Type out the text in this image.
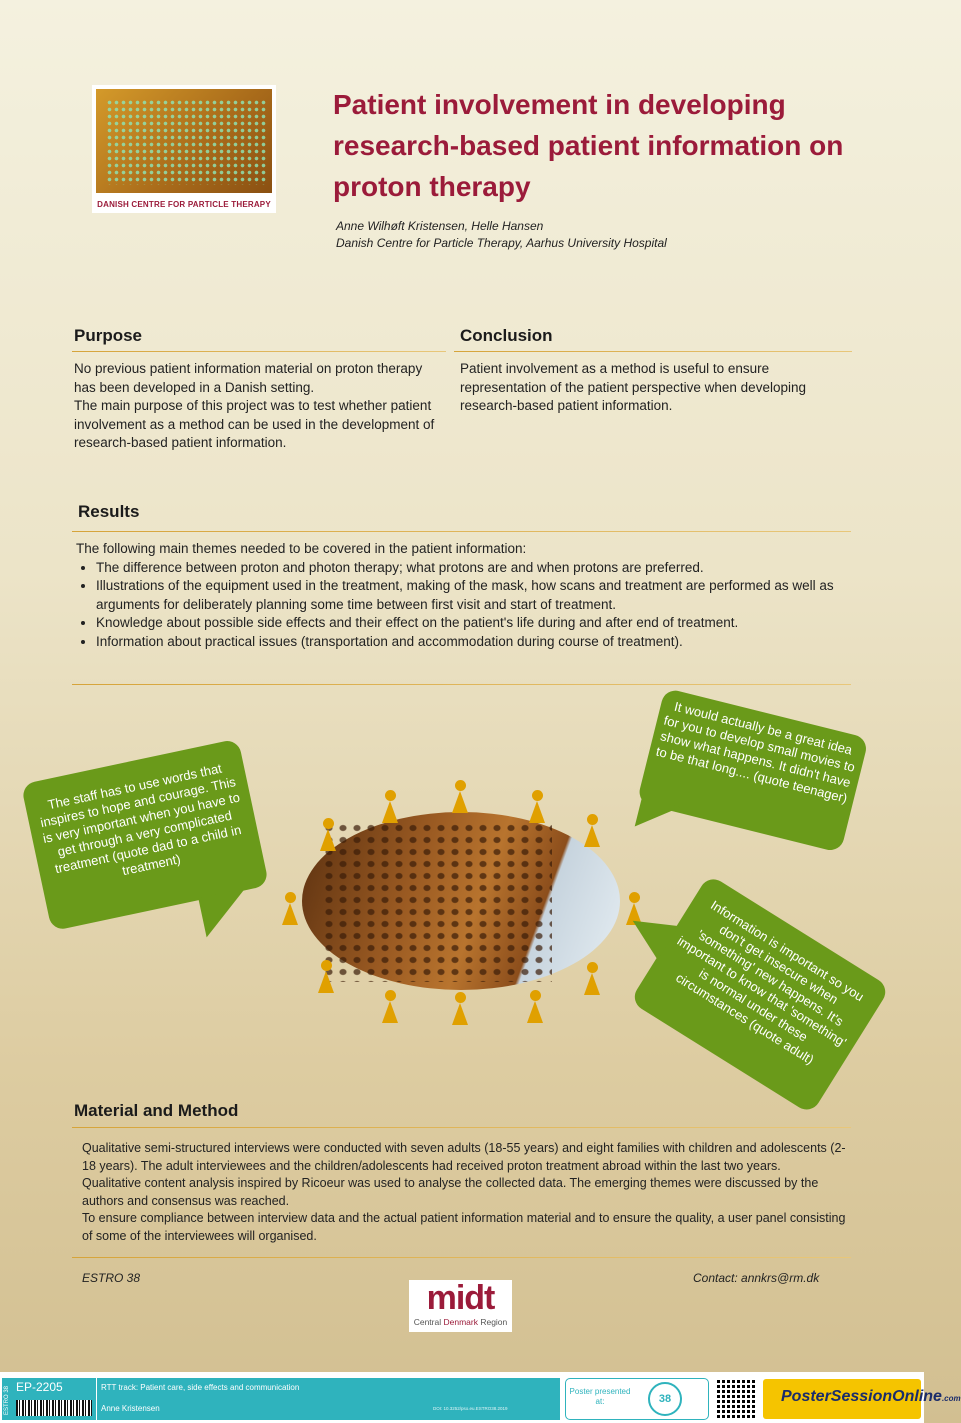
DANISH CENTRE FOR PARTICLE THERAPY
Patient involvement in developing research-based patient information on proton therapy
Anne Wilhøft Kristensen, Helle Hansen
Danish Centre for Particle Therapy, Aarhus University Hospital
Purpose
No previous patient information material on proton therapy has been developed in a Danish setting.
The main purpose of this project was to test whether patient involvement as a method can be used in the development of research-based patient information.
Conclusion
Patient involvement as a method is useful to ensure representation of the patient perspective when developing research-based patient information.
Results
The following main themes needed to be covered in the patient information:
• The difference between proton and photon therapy; what protons are and when protons are preferred.
• Illustrations of the equipment used in the treatment, making of the mask, how scans and treatment are performed as well as arguments for deliberately planning some time between first visit and start of treatment.
• Knowledge about possible side effects and their effect on the patient's life during and after end of treatment.
• Information about practical issues (transportation and accommodation during course of treatment).
The staff has to use words that inspires to hope and courage. This is very important when you have to get through a very complicated treatment (quote dad to a child in treatment)
It would actually be a great idea for you to develop small movies to show what happens. It didn't have to be that long.... (quote teenager)
Information is important so you don't get insecure when 'something' new happens. It's important to know that 'something' is normal under these circumstances (quote adult)
Material and Method
Qualitative semi-structured interviews were conducted with seven adults (18-55 years) and eight families with children and adolescents (2-18 years). The adult interviewees and the children/adolescents had received proton treatment abroad within the last two years.
Qualitative content analysis inspired by Ricoeur was used to analyse the collected data. The emerging themes were discussed by the authors and consensus was reached.
To ensure compliance between interview data and the actual patient information material and to ensure the quality, a user panel consisting of some of the interviewees will organised.
ESTRO 38	Contact: annkrs@rm.dk
midt
Central Denmark Region
ESTRO 38 EP-2205	RTT track: Patient care, side effects and communication
Anne Kristensen	DOI: 10.3252/pso.eu.ESTRO38.2019
Poster presented at:	38	PosterSessionOnline.com
